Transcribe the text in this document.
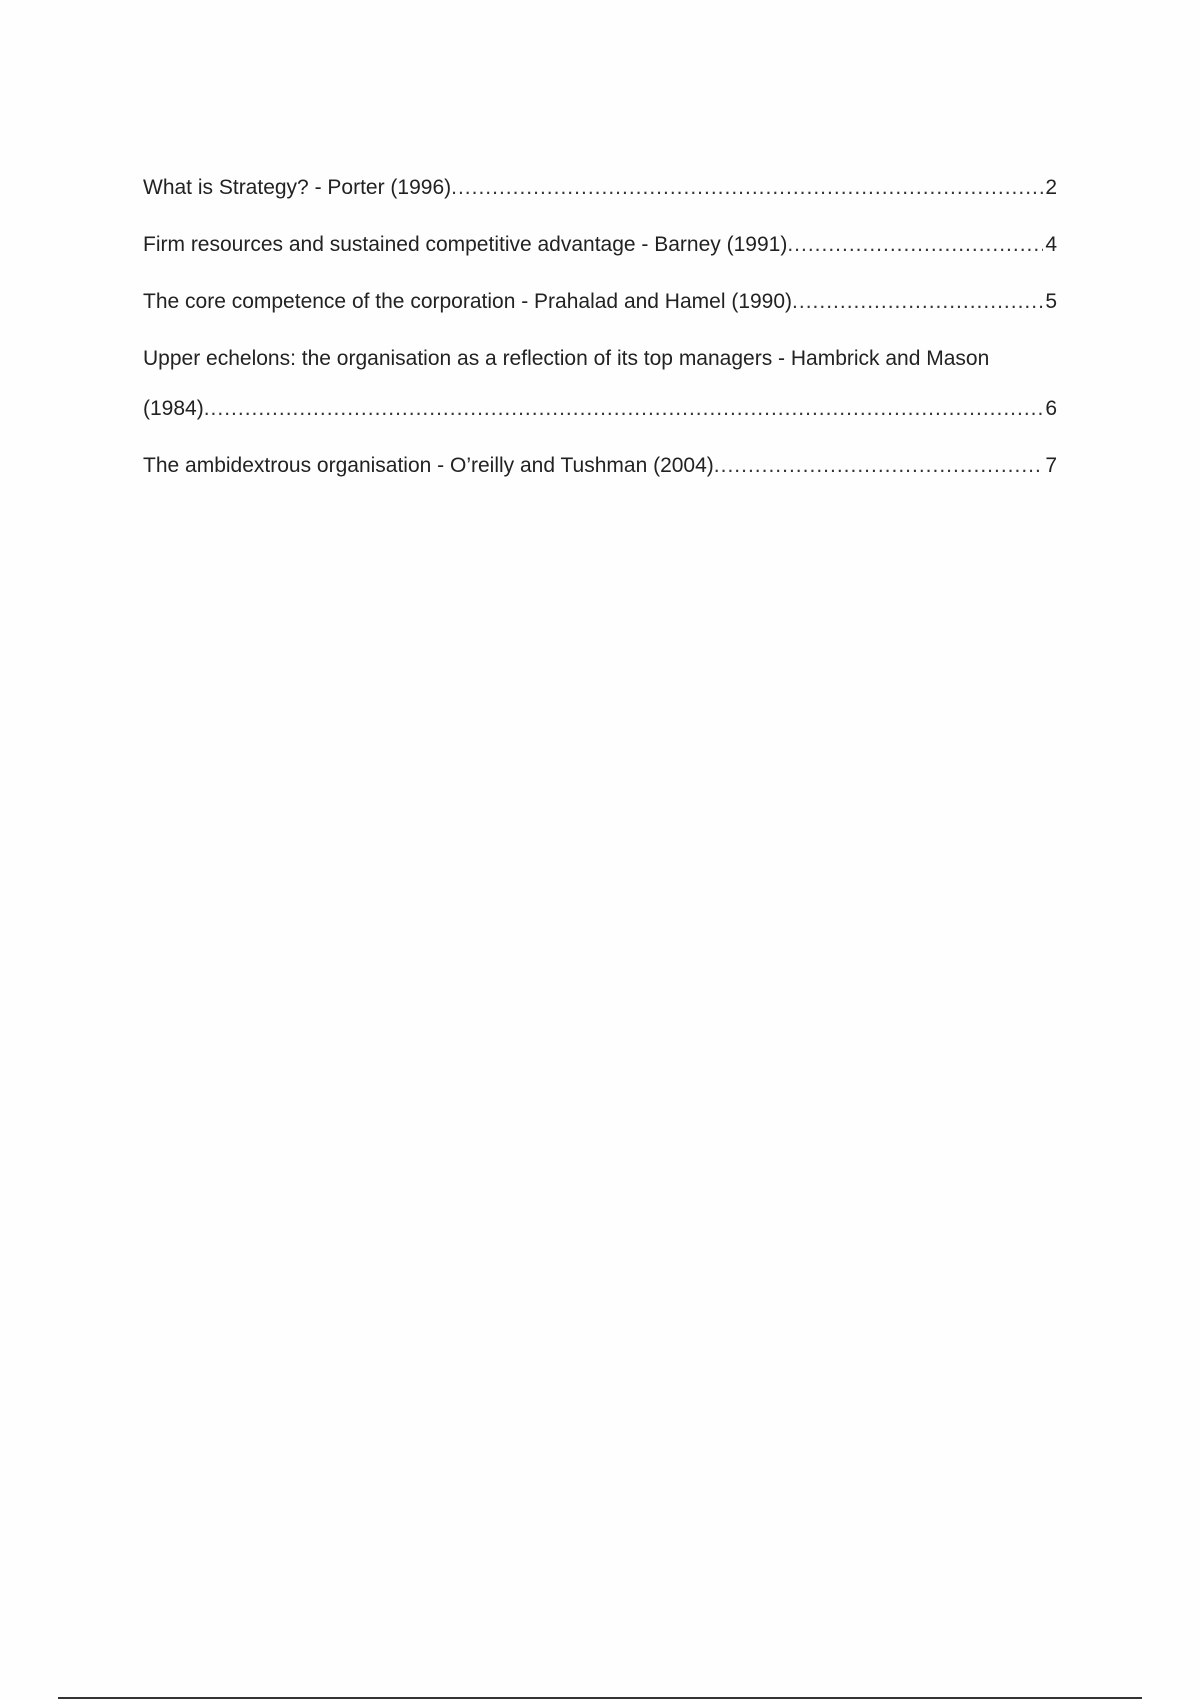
What is Strategy? - Porter (1996) .....	2
Firm resources and sustained competitive advantage - Barney (1991) .....	4
The core competence of the corporation - Prahalad and Hamel (1990) .....	5
Upper echelons: the organisation as a reflection of its top managers - Hambrick and Mason
(1984) .....	6
The ambidextrous organisation - O’reilly and Tushman (2004) .....	7
